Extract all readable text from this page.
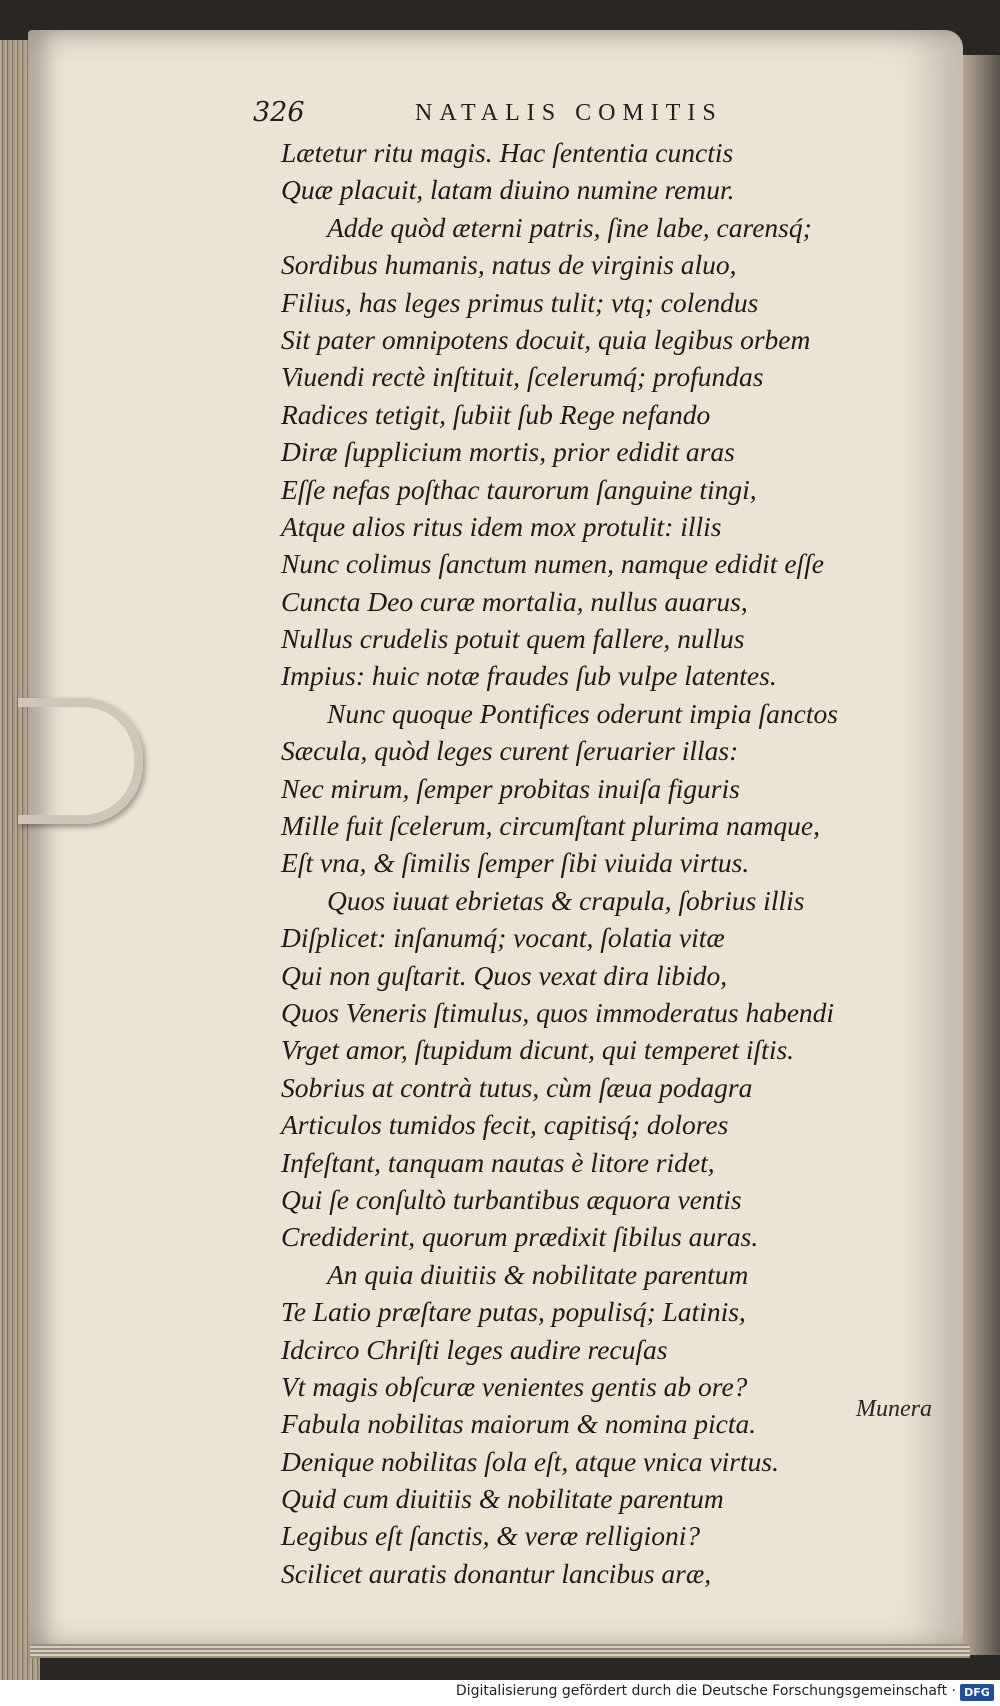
326	NATALIS COMITIS
Lætetur ritu magis. Hac ſententia cunctis
Quæ placuit, latam diuino numine remur.
Adde quòd æterni patris, ſine labe, carensq́;
Sordibus humanis, natus de virginis aluo,
Filius, has leges primus tulit; vtq; colendus
Sit pater omnipotens docuit, quia legibus orbem
Viuendi rectè inſtituit, ſcelerumq́; profundas
Radices tetigit, ſubiit ſub Rege nefando
Diræ ſupplicium mortis, prior edidit aras
Eſſe nefas poſthac taurorum ſanguine tingi,
Atque alios ritus idem mox protulit: illis
Nunc colimus ſanctum numen, namque edidit eſſe
Cuncta Deo curæ mortalia, nullus auarus,
Nullus crudelis potuit quem fallere, nullus
Impius: huic notæ fraudes ſub vulpe latentes.
Nunc quoque Pontifices oderunt impia ſanctos
Sæcula, quòd leges curent ſeruarier illas:
Nec mirum, ſemper probitas inuiſa figuris
Mille fuit ſcelerum, circumſtant plurima namque,
Eſt vna, & ſimilis ſemper ſibi viuida virtus.
Quos iuuat ebrietas & crapula, ſobrius illis
Diſplicet: inſanumq́; vocant, ſolatia vitæ
Qui non guſtarit. Quos vexat dira libido,
Quos Veneris ſtimulus, quos immoderatus habendi
Vrget amor, ſtupidum dicunt, qui temperet iſtis.
Sobrius at contrà tutus, cùm ſæua podagra
Articulos tumidos fecit, capitisq́; dolores
Infeſtant, tanquam nautas è litore ridet,
Qui ſe conſultò turbantibus æquora ventis
Crediderint, quorum prædixit ſibilus auras.
An quia diuitiis & nobilitate parentum
Te Latio præſtare putas, populisq́; Latinis,
Idcirco Chriſti leges audire recuſas
Vt magis obſcuræ venientes gentis ab ore?
Fabula nobilitas maiorum & nomina picta.
Denique nobilitas ſola eſt, atque vnica virtus.
Quid cum diuitiis & nobilitate parentum
Legibus eſt ſanctis, & veræ relligioni?
Scilicet auratis donantur lancibus aræ,
Munera
Digitalisierung gefördert durch die Deutsche Forschungsgemeinschaft · DFG
